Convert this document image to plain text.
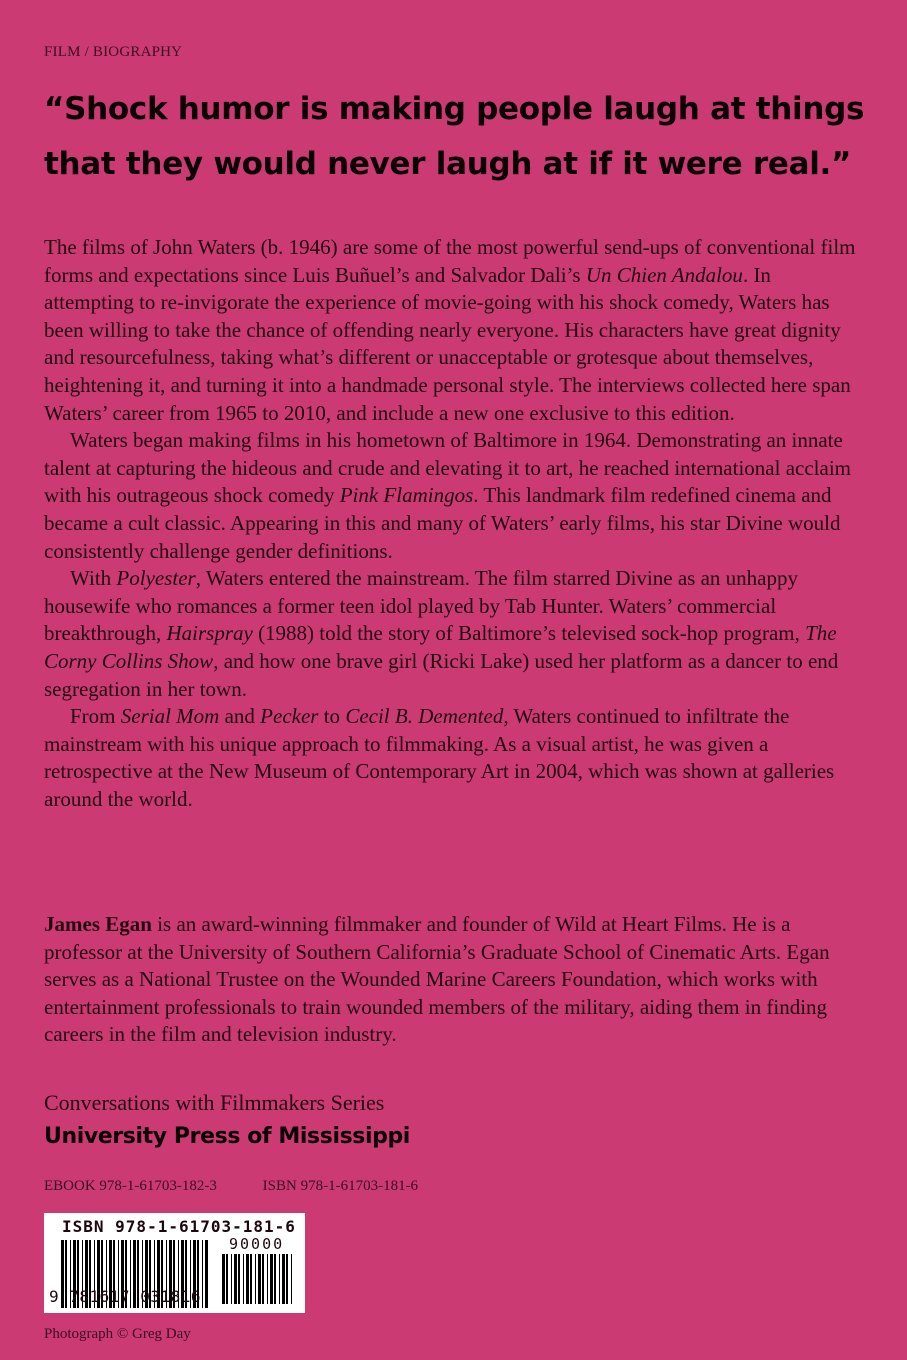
FILM / BIOGRAPHY
“Shock humor is making people laugh at things that they would never laugh at if it were real.”

The films of John Waters (b. 1946) are some of the most powerful send-ups of conventional film forms and expectations since Luis Buñuel’s and Salvador Dali’s Un Chien Andalou. In attempting to re-invigorate the experience of movie-going with his shock comedy, Waters has been willing to take the chance of offending nearly everyone. His characters have great dignity and resourcefulness, taking what’s different or unacceptable or grotesque about themselves, heightening it, and turning it into a handmade personal style. The interviews collected here span Waters’ career from 1965 to 2010, and include a new one exclusive to this edition.

Waters began making films in his hometown of Baltimore in 1964. Demonstrating an innate talent at capturing the hideous and crude and elevating it to art, he reached international acclaim with his outrageous shock comedy Pink Flamingos. This landmark film redefined cinema and became a cult classic. Appearing in this and many of Waters’ early films, his star Divine would consistently challenge gender definitions.

With Polyester, Waters entered the mainstream. The film starred Divine as an unhappy housewife who romances a former teen idol played by Tab Hunter. Waters’ commercial breakthrough, Hairspray (1988) told the story of Baltimore’s televised sock-hop program, The Corny Collins Show, and how one brave girl (Ricki Lake) used her platform as a dancer to end segregation in her town.

From Serial Mom and Pecker to Cecil B. Demented, Waters continued to infiltrate the mainstream with his unique approach to filmmaking. As a visual artist, he was given a retrospective at the New Museum of Contemporary Art in 2004, which was shown at galleries around the world.

James Egan is an award-winning filmmaker and founder of Wild at Heart Films. He is a professor at the University of Southern California’s Graduate School of Cinematic Arts. Egan serves as a National Trustee on the Wounded Marine Careers Foundation, which works with entertainment professionals to train wounded members of the military, aiding them in finding careers in the film and television industry.

Conversations with Filmmakers Series
University Press of Mississippi
EBOOK 978-1-61703-182-3	ISBN 978-1-61703-181-6
ISBN 978-1-61703-181-6
90000
9 781617 031816
Photograph © Greg Day
